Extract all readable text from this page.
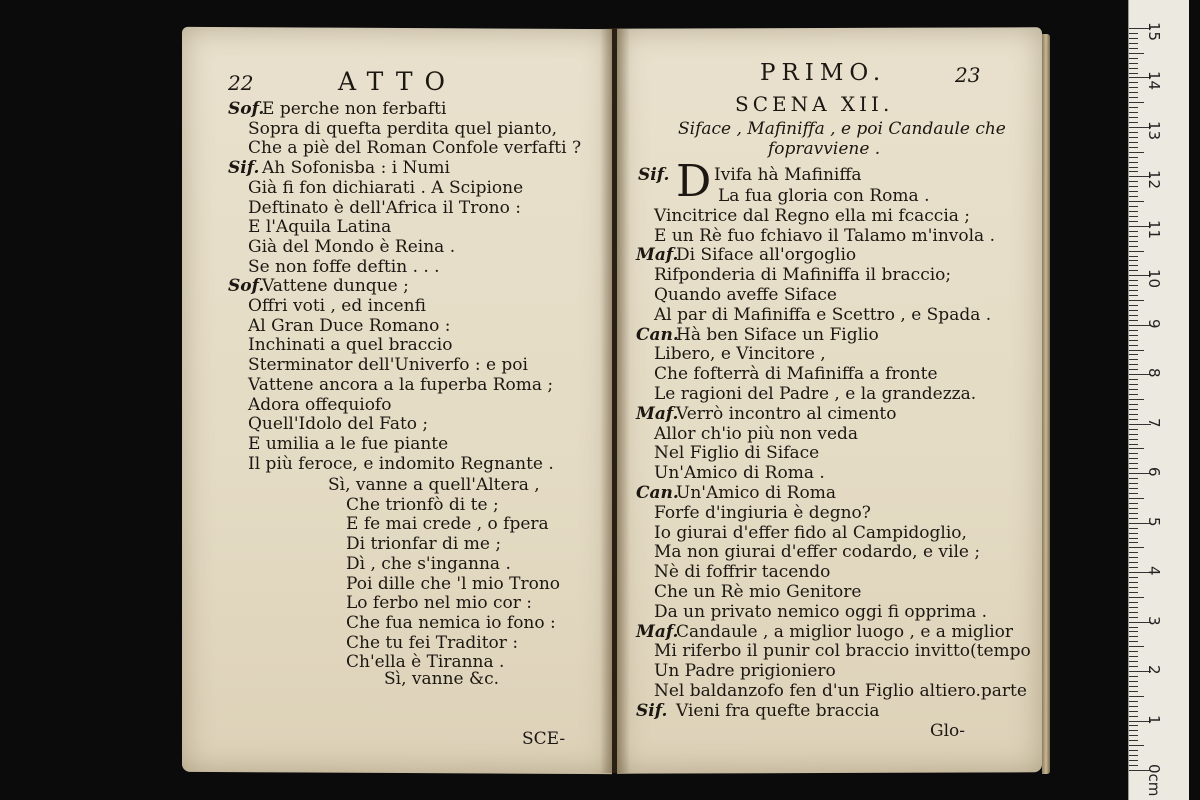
22	ATTO
Sof.
E perche non ferbafti
Sopra di quefta perdita quel pianto,
Che a piè del Roman Confole verfafti ?
Sif. Ah Sofonisba : i Numi
Già fi fon dichiarati . A Scipione
Deftinato è dell'Africa il Trono :
E l'Aquila Latina
Già del Mondo è Reina .
Se non foffe deftin . . .
Sof.
Vattene dunque ;
Offri voti , ed incenfi
Al Gran Duce Romano :
Inchinati a quel braccio
Sterminator dell'Univerfo : e poi
Vattene ancora a la fuperba Roma ;
Adora offequiofo
Quell'Idolo del Fato ;
E umilia a le fue piante
Il più feroce, e indomito Regnante .
Sì, vanne a quell'Altera ,
Che trionfò di te ;
E fe mai crede , o fpera
Di trionfar di me ;
Dì , che s'inganna .
Poi dille che 'l mio Trono
Lo ferbo nel mio cor :
Che fua nemica io fono :
Che tu fei Traditor :
Ch'ella è Tiranna .
Sì, vanne &c.
SCE-
PRIMO.	23
SCENA XII.
Siface , Mafiniffa , e poi Candaule che
fopravviene .
Sif. D Ivifa hà Mafiniffa
La fua gloria con Roma .
Vincitrice dal Regno ella mi fcaccia ;
E un Rè fuo fchiavo il Talamo m'invola .
Maf.
Di Siface all'orgoglio
Rifponderia di Mafiniffa il braccio;
Quando aveffe Siface
Al par di Mafiniffa e Scettro , e Spada .
Can.
Hà ben Siface un Figlio
Libero, e Vincitore ,
Che fofterrà di Mafiniffa a fronte
Le ragioni del Padre , e la grandezza.
Maf.
Verrò incontro al cimento
Allor ch'io più non veda
Nel Figlio di Siface
Un'Amico di Roma .
Can.
Un'Amico di Roma
Forfe d'ingiuria è degno?
Io giurai d'effer fido al Campidoglio,
Ma non giurai d'effer codardo, e vile ;
Nè di foffrir tacendo
Che un Rè mio Genitore
Da un privato nemico oggi fi opprima .
Maf.
Candaule , a miglior luogo , e a miglior
Mi riferbo il punir col braccio invitto(tempo
Un Padre prigioniero
Nel baldanzofo fen d'un Figlio altiero.parte
Sif. Vieni fra quefte braccia
Glo-
15
14
13
12
11
10
9
8
7
6
5
4
3
2
1
0cm
